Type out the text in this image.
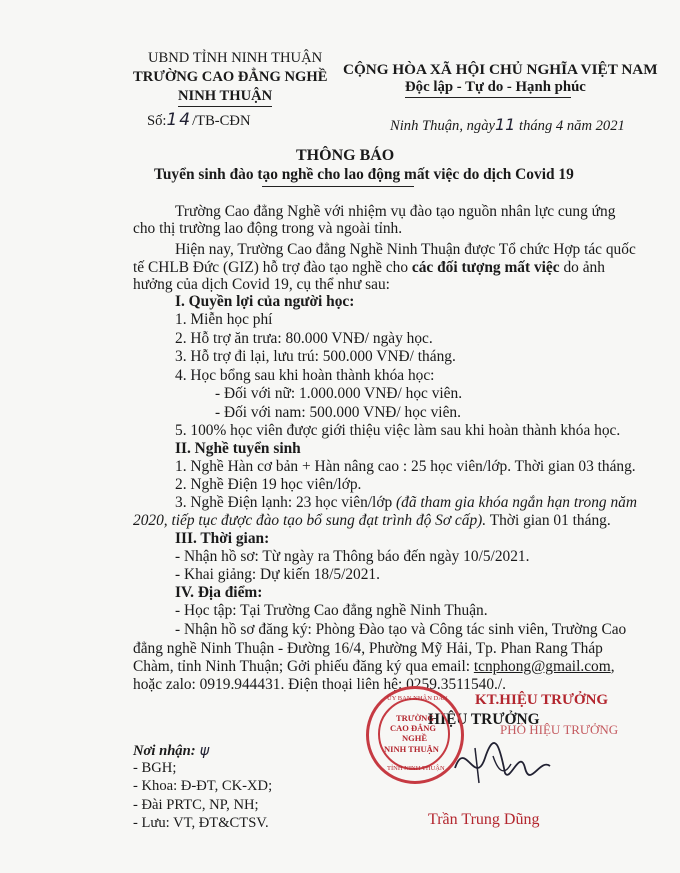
UBND TỈNH NINH THUẬN
TRƯỜNG CAO ĐẲNG NGHỀ
NINH THUẬN
Số:14/TB-CĐN
CỘNG HÒA XÃ HỘI CHỦ NGHĨA VIỆT NAM
Độc lập - Tự do - Hạnh phúc
Ninh Thuận, ngày11 tháng 4 năm 2021
THÔNG BÁO
Tuyển sinh đào tạo nghề cho lao động mất việc do dịch Covid 19
Trường Cao đẳng Nghề với nhiệm vụ đào tạo nguồn nhân lực cung ứng
cho thị trường lao động trong và ngoài tỉnh.
Hiện nay, Trường Cao đẳng Nghề Ninh Thuận được Tổ chức Hợp tác quốc
tế CHLB Đức (GIZ) hỗ trợ đào tạo nghề cho các đối tượng mất việc do ảnh
hưởng của dịch Covid 19, cụ thể như sau:
I. Quyền lợi của người học:
1. Miễn học phí
2. Hỗ trợ ăn trưa: 80.000 VNĐ/ ngày học.
3. Hỗ trợ đi lại, lưu trú: 500.000 VNĐ/ tháng.
4. Học bổng sau khi hoàn thành khóa học:
- Đối với nữ: 1.000.000 VNĐ/ học viên.
- Đối với nam: 500.000 VNĐ/ học viên.
5. 100% học viên được giới thiệu việc làm sau khi hoàn thành khóa học.
II. Nghề tuyển sinh
1. Nghề Hàn cơ bản + Hàn nâng cao : 25 học viên/lớp. Thời gian 03 tháng.
2. Nghề Điện 19 học viên/lớp.
3. Nghề Điện lạnh: 23 học viên/lớp (đã tham gia khóa ngắn hạn trong năm
2020, tiếp tục được đào tạo bổ sung đạt trình độ Sơ cấp). Thời gian 01 tháng.
III. Thời gian:
- Nhận hồ sơ: Từ ngày ra Thông báo đến ngày 10/5/2021.
- Khai giảng: Dự kiến 18/5/2021.
IV. Địa điểm:
- Học tập: Tại Trường Cao đẳng nghề Ninh Thuận.
- Nhận hồ sơ đăng ký: Phòng Đào tạo và Công tác sinh viên, Trường Cao
đẳng nghề Ninh Thuận - Đường 16/4, Phường Mỹ Hải, Tp. Phan Rang Tháp
Chàm, tỉnh Ninh Thuận; Gởi phiếu đăng ký qua email: tcnphong@gmail.com,
hoặc zalo: 0919.944431. Điện thoại liên hệ: 0259.3511540./.
Nơi nhận: ψ
- BGH;
- Khoa: Đ-ĐT, CK-XD;
- Đài PRTC, NP, NH;
- Lưu: VT, ĐT&CTSV.
KT.HIỆU TRƯỞNG
HIỆU TRƯỞNG
PHÓ HIỆU TRƯỞNG
ỦY BAN NHÂN DÂN
TỈNH NINH THUẬN
TRƯỜNG
CAO ĐẲNG
NGHỀ
NINH THUẬN
Trần Trung Dũng
